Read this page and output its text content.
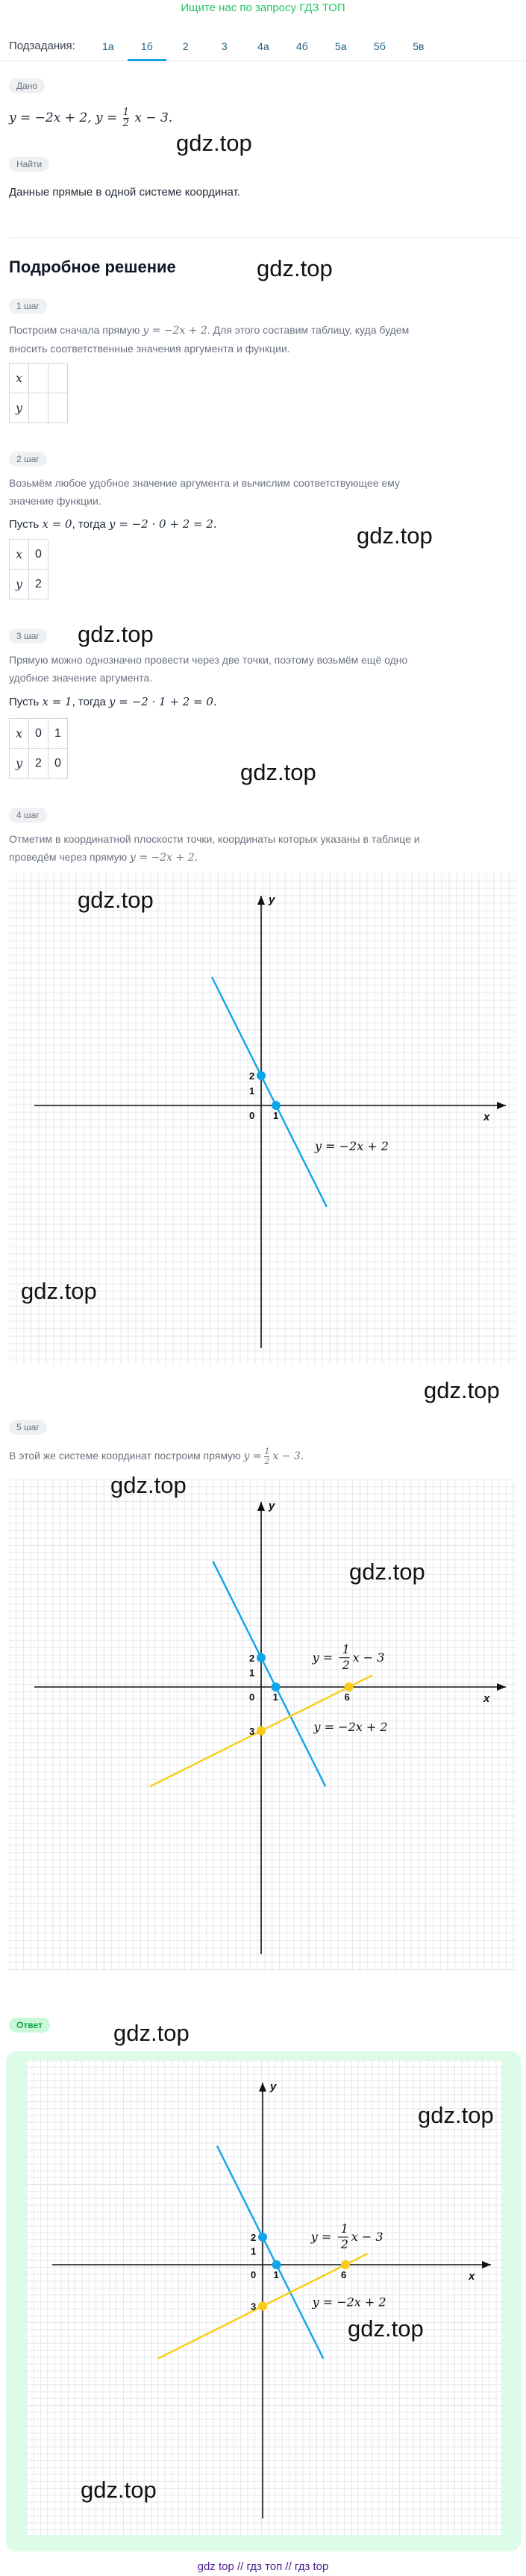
Ищите нас по запросу ГДЗ ТОП
Подзадания:	1а	1б	2	3	4а	4б	5а	5б	5в
Дано
y = −2x + 2, $y = \frac{1}{2}$ x − 3.
gdz.top
Найти
Данные прямые в одной системе координат.
Подробное решение	gdz.top
1 шаг
Построим сначала прямую y = −2x + 2. Для этого составим таблицу, куда будем
вносить соответственные значения аргумента и функции.
x		
y		
2 шаг
Возьмём любое удобное значение аргумента и вычислим соответствующее ему
значение функции.
Пусть x = 0, тогда y = −2 · 0 + 2 = 2.	gdz.top
x	0
y	2
gdz.top
3 шаг
Прямую можно однозначно провести через две точки, поэтому возьмём ещё одно
удобное значение аргумента.
Пусть x = 1, тогда y = −2 · 1 + 2 = 0.
x	0	1
y	2	0	gdz.top
4 шаг
Отметим в координатной плоскости точки, координаты которых указаны в таблице и
проведём через прямую y = −2x + 2.
x
y
0 1
1
2
y = −2x + 2
gdz.top
gdz.top
gdz.top
5 шаг
В этой же системе координат построим прямую $y = \frac{1}{2}$ x − 3.
x
y
0 1
1
2
6
3
y =
1
2
x − 3
y = −2x + 2
gdz.top
gdz.top
Ответ	gdz.top
x
y
0 1
1
2
6
3
y =
1
2
x − 3
y = −2x + 2
gdz.top
gdz.top
gdz.top
gdz top // гдз топ // гдз top
